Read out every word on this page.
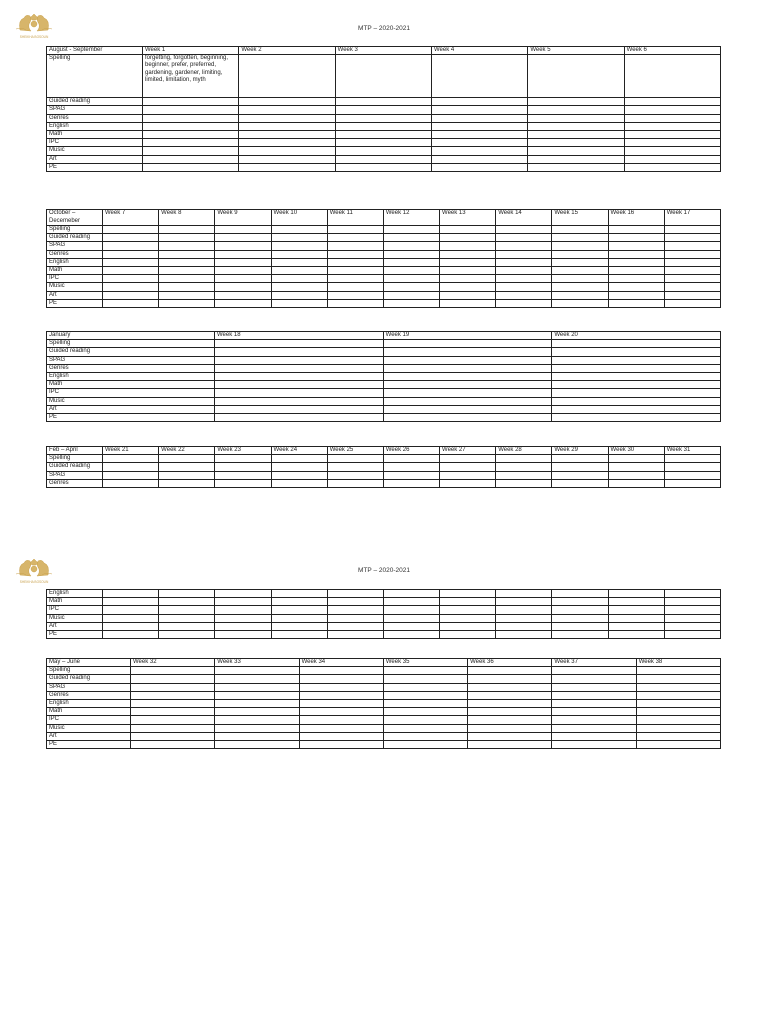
SHEIKHA BOSOUN
MTP – 2020-2021
August - September	Week 1	Week 2	Week 3	Week 4	Week 5	Week 6
Spelling	forgetting, forgotten, beginning, beginner, prefer, preferred, gardening, gardener, limiting, limited, limitation, myth					
Guided reading						
SPAG						
Genres						
English						
Math						
IPC						
Music						
Art						
PE						
October – Decemeber	Week 7	Week 8	Week 9	Week 10	Week 11	Week 12	Week 13	Week 14	Week 15	Week 16	Week 17
Spelling											
Guided reading											
SPAG											
Genres											
English											
Math											
IPC											
Music											
Art											
PE											
January	Week 18	Week 19	Week 20
Spelling			
Guided reading			
SPAG			
Genres			
English			
Math			
IPC			
Music			
Art			
PE			
Feb – April	Week 21	Week 22	Week 23	Week 24	Week 25	Week 26	Week 27	Week 28	Week 29	Week 30	Week 31
Spelling											
Guided reading											
SPAG											
Genres											
SHEIKHA BOSOUN
MTP – 2020-2021
English											
Math											
IPC											
Music											
Art											
PE											
May – June	Week 32	Week 33	Week 34	Week 35	Week 36	Week 37	Week 38
Spelling							
Guided reading							
SPAG							
Genres							
English							
Math							
IPC							
Music							
Art							
PE							
